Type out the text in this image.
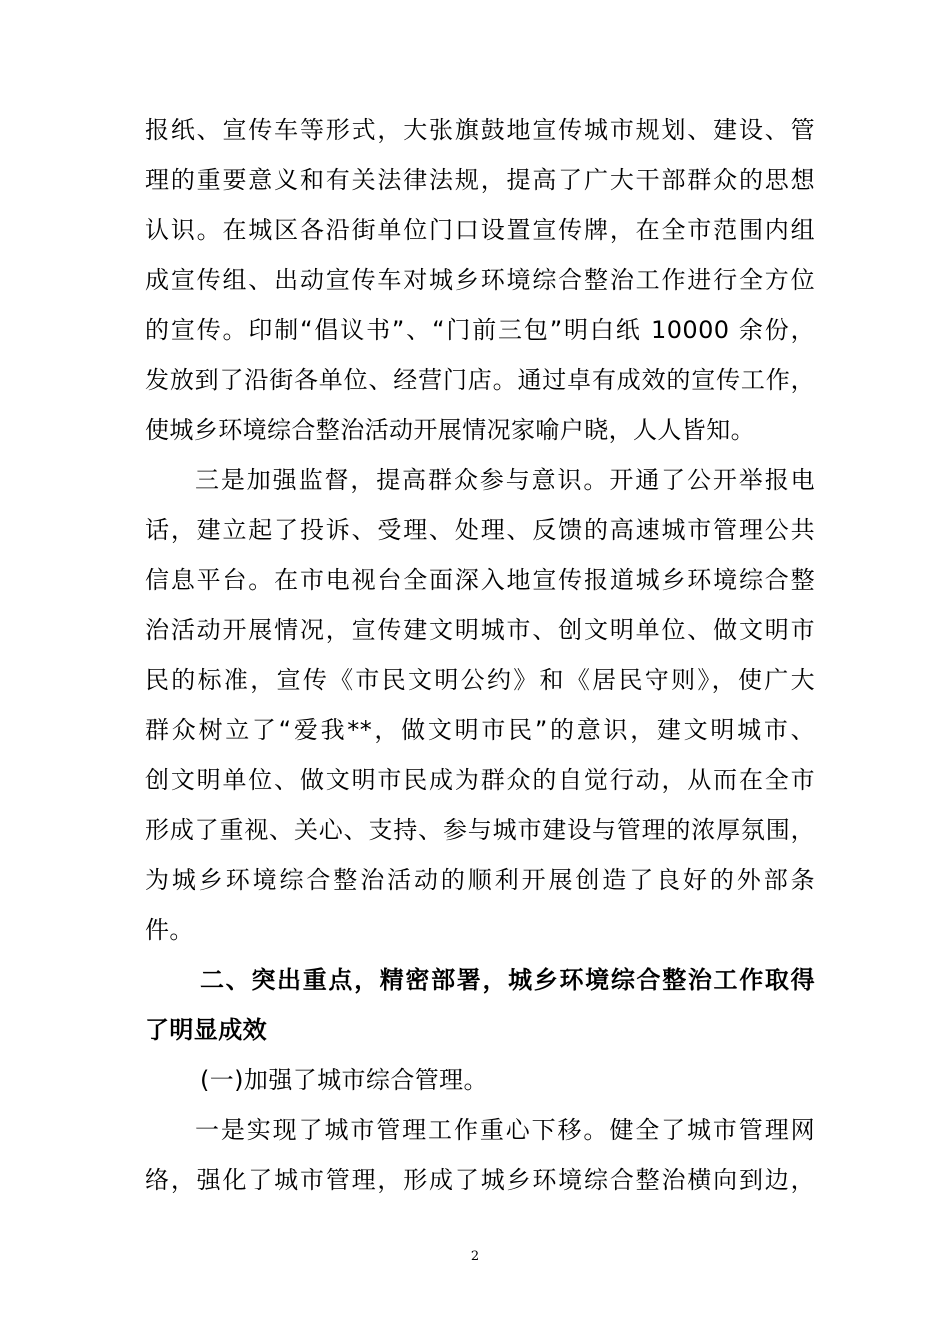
报纸、宣传车等形式，大张旗鼓地宣传城市规划、建设、管
理的重要意义和有关法律法规，提高了广大干部群众的思想
认识。在城区各沿街单位门口设置宣传牌，在全市范围内组
成宣传组、出动宣传车对城乡环境综合整治工作进行全方位
的宣传。印制“倡议书”、“门前三包”明白纸 10000 余份，
发放到了沿街各单位、经营门店。通过卓有成效的宣传工作，
使城乡环境综合整治活动开展情况家喻户晓，人人皆知。
三是加强监督，提高群众参与意识。开通了公开举报电
话，建立起了投诉、受理、处理、反馈的高速城市管理公共
信息平台。在市电视台全面深入地宣传报道城乡环境综合整
治活动开展情况，宣传建文明城市、创文明单位、做文明市
民的标准，宣传《市民文明公约》和《居民守则》，使广大
群众树立了“爱我**，做文明市民”的意识，建文明城市、
创文明单位、做文明市民成为群众的自觉行动，从而在全市
形成了重视、关心、支持、参与城市建设与管理的浓厚氛围，
为城乡环境综合整治活动的顺利开展创造了良好的外部条
件。
二、突出重点，精密部署，城乡环境综合整治工作取得
了明显成效
(一)加强了城市综合管理。
一是实现了城市管理工作重心下移。健全了城市管理网
络，强化了城市管理，形成了城乡环境综合整治横向到边，
2
